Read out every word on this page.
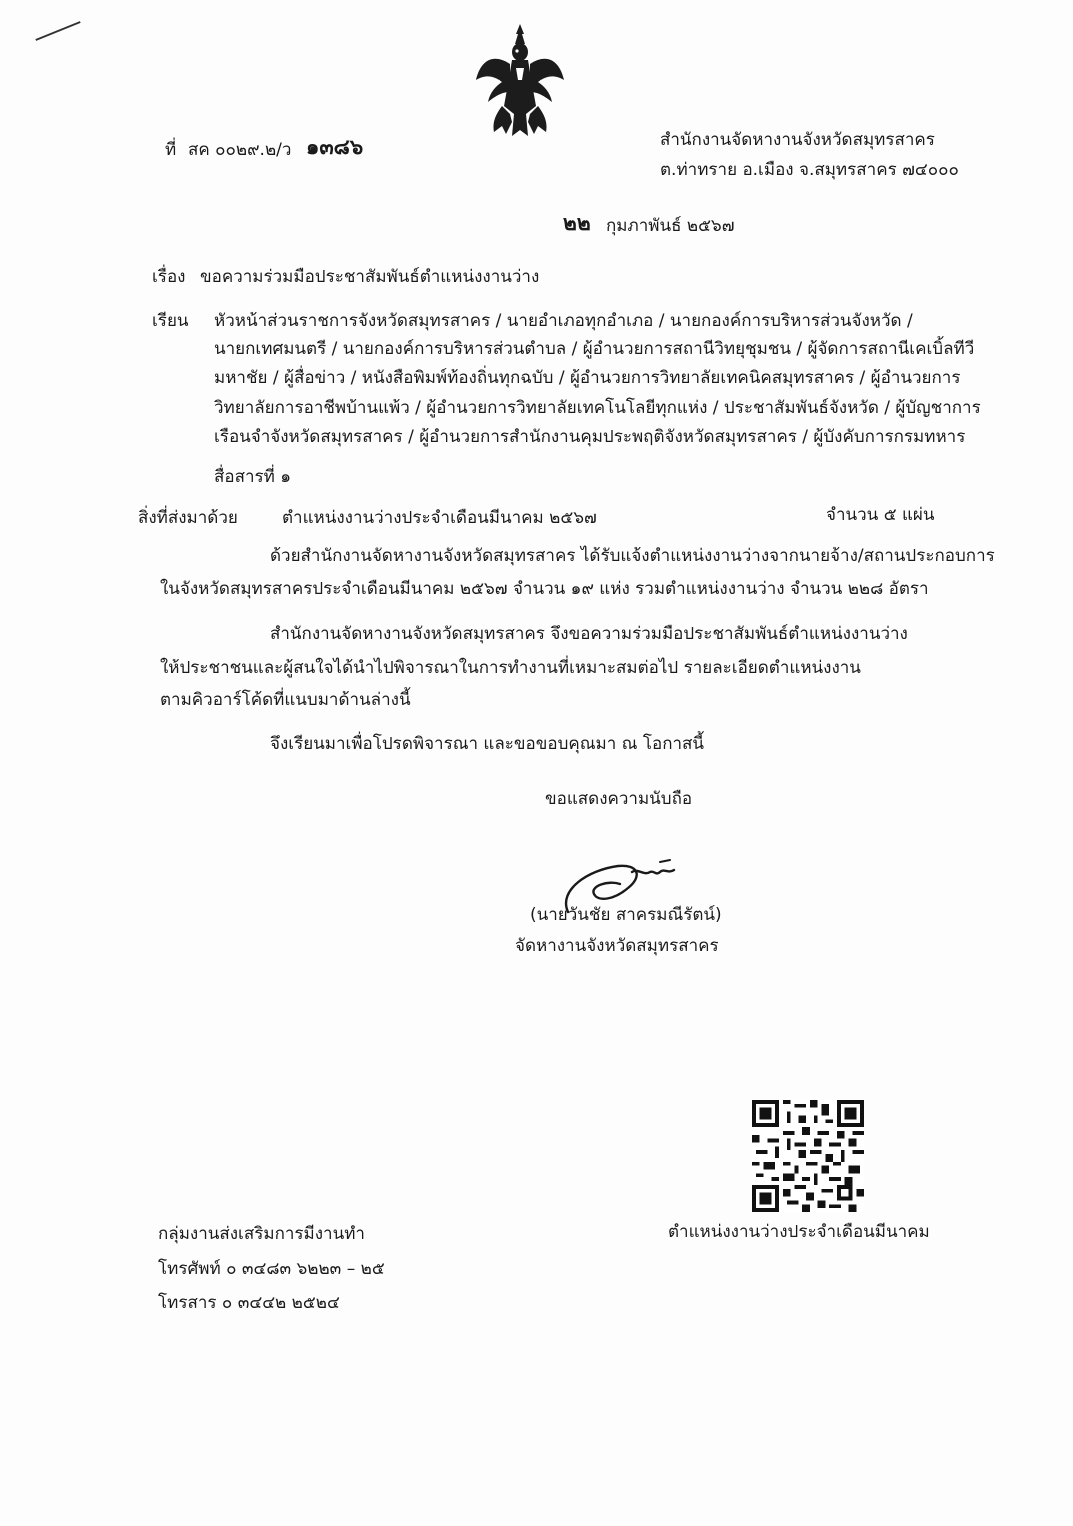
ที่ สค ๐๐๒๙.๒/ว ๑๓๘๖	สำนักงานจัดหางานจังหวัดสมุทรสาคร
ต.ท่าทราย อ.เมือง จ.สมุทรสาคร ๗๔๐๐๐
๒๒ กุมภาพันธ์ ๒๕๖๗
เรื่อง ขอความร่วมมือประชาสัมพันธ์ตำแหน่งงานว่าง
เรียน หัวหน้าส่วนราชการจังหวัดสมุทรสาคร / นายอำเภอทุกอำเภอ / นายกองค์การบริหารส่วนจังหวัด /
นายกเทศมนตรี / นายกองค์การบริหารส่วนตำบล / ผู้อำนวยการสถานีวิทยุชุมชน / ผู้จัดการสถานีเคเบิ้ลทีวี
มหาชัย / ผู้สื่อข่าว / หนังสือพิมพ์ท้องถิ่นทุกฉบับ / ผู้อำนวยการวิทยาลัยเทคนิคสมุทรสาคร / ผู้อำนวยการ
วิทยาลัยการอาชีพบ้านแพ้ว / ผู้อำนวยการวิทยาลัยเทคโนโลยีทุกแห่ง / ประชาสัมพันธ์จังหวัด / ผู้บัญชาการ
เรือนจำจังหวัดสมุทรสาคร / ผู้อำนวยการสำนักงานคุมประพฤติจังหวัดสมุทรสาคร / ผู้บังคับการกรมทหาร
สื่อสารที่ ๑
สิ่งที่ส่งมาด้วย	ตำแหน่งงานว่างประจำเดือนมีนาคม ๒๕๖๗	จำนวน ๕ แผ่น
ด้วยสำนักงานจัดหางานจังหวัดสมุทรสาคร ได้รับแจ้งตำแหน่งงานว่างจากนายจ้าง/สถานประกอบการ
ในจังหวัดสมุทรสาครประจำเดือนมีนาคม ๒๕๖๗ จำนวน ๑๙ แห่ง รวมตำแหน่งงานว่าง จำนวน ๒๒๘ อัตรา
สำนักงานจัดหางานจังหวัดสมุทรสาคร จึงขอความร่วมมือประชาสัมพันธ์ตำแหน่งงานว่าง
ให้ประชาชนและผู้สนใจได้นำไปพิจารณาในการทำงานที่เหมาะสมต่อไป รายละเอียดตำแหน่งงาน
ตามคิวอาร์โค้ดที่แนบมาด้านล่างนี้
จึงเรียนมาเพื่อโปรดพิจารณา และขอขอบคุณมา ณ โอกาสนี้
ขอแสดงความนับถือ
(นายวันชัย สาครมณีรัตน์)
จัดหางานจังหวัดสมุทรสาคร
ตำแหน่งงานว่างประจำเดือนมีนาคม
กลุ่มงานส่งเสริมการมีงานทำ
โทรศัพท์ ๐ ๓๔๘๓ ๖๒๒๓ – ๒๕
โทรสาร ๐ ๓๔๔๒ ๒๕๒๔
